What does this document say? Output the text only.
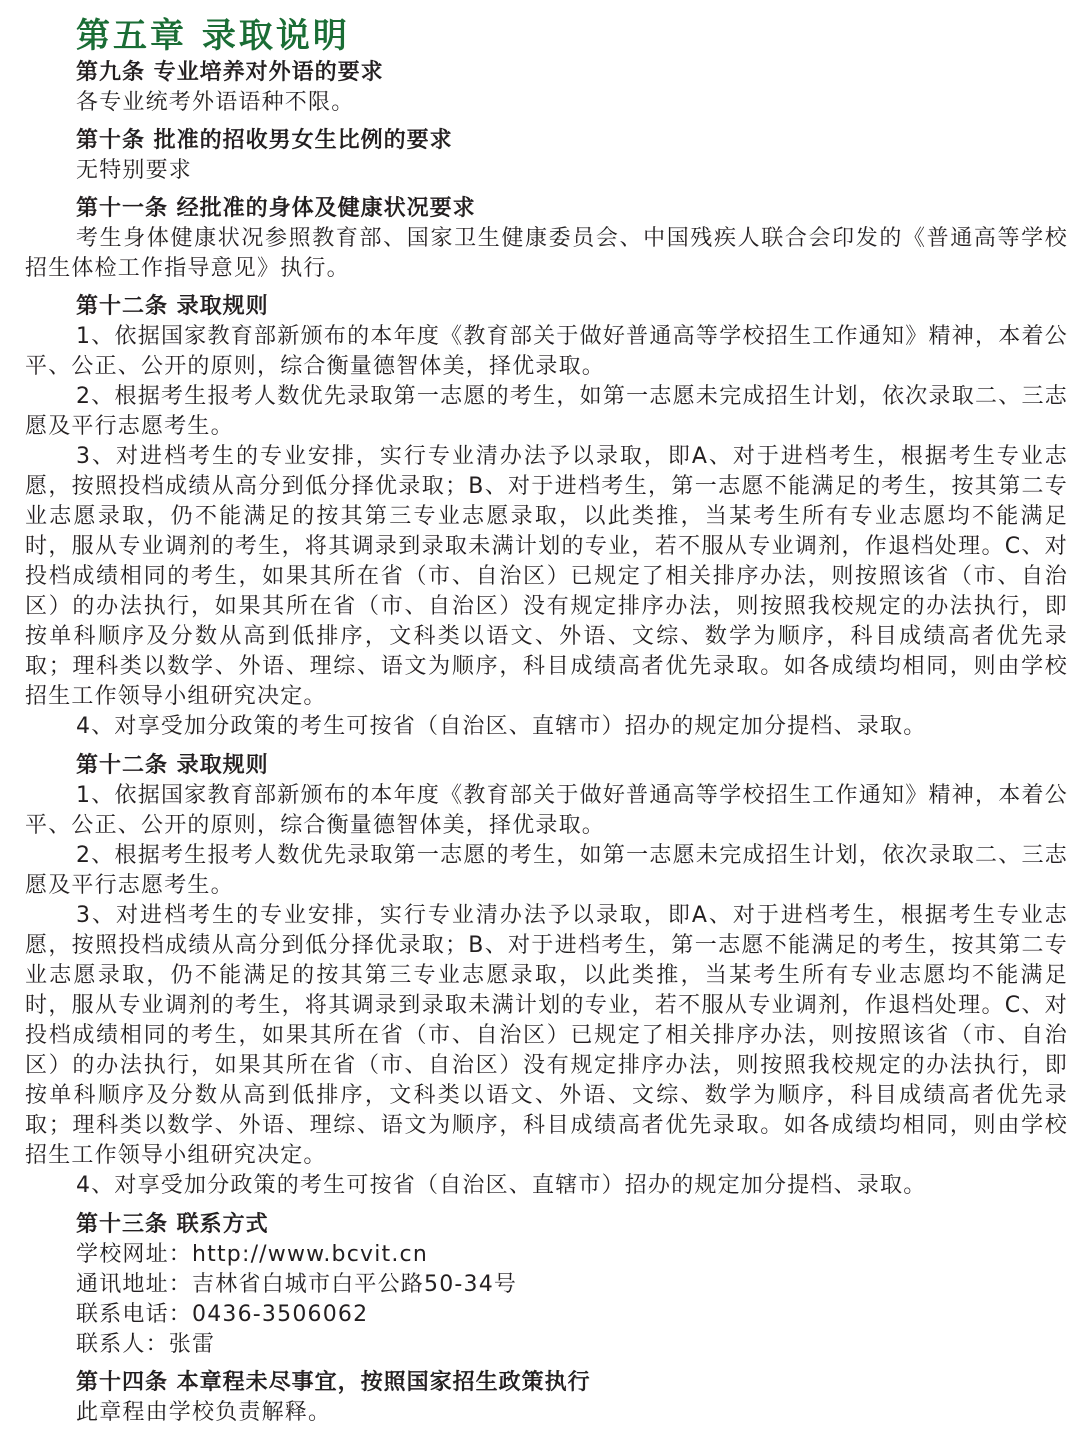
第五章 录取说明
第九条 专业培养对外语的要求
各专业统考外语语种不限。
第十条 批准的招收男女生比例的要求
无特别要求
第十一条 经批准的身体及健康状况要求

考生身体健康状况参照教育部、国家卫生健康委员会、中国残疾人联合会印发的《普通高等学校招生体检工作指导意见》执行。

第十二条 录取规则

1、依据国家教育部新颁布的本年度《教育部关于做好普通高等学校招生工作通知》精神，本着公平、公正、公开的原则，综合衡量德智体美，择优录取。

2、根据考生报考人数优先录取第一志愿的考生，如第一志愿未完成招生计划，依次录取二、三志愿及平行志愿考生。

3、对进档考生的专业安排，实行专业清办法予以录取，即A、对于进档考生，根据考生专业志愿，按照投档成绩从高分到低分择优录取；B、对于进档考生，第一志愿不能满足的考生，按其第二专业志愿录取，仍不能满足的按其第三专业志愿录取，以此类推，当某考生所有专业志愿均不能满足时，服从专业调剂的考生，将其调录到录取未满计划的专业，若不服从专业调剂，作退档处理。C、对投档成绩相同的考生，如果其所在省（市、自治区）已规定了相关排序办法，则按照该省（市、自治区）的办法执行，如果其所在省（市、自治区）没有规定排序办法，则按照我校规定的办法执行，即按单科顺序及分数从高到低排序，文科类以语文、外语、文综、数学为顺序，科目成绩高者优先录取；理科类以数学、外语、理综、语文为顺序，科目成绩高者优先录取。如各成绩均相同，则由学校招生工作领导小组研究决定。

4、对享受加分政策的考生可按省（自治区、直辖市）招办的规定加分提档、录取。

第十二条 录取规则

1、依据国家教育部新颁布的本年度《教育部关于做好普通高等学校招生工作通知》精神，本着公平、公正、公开的原则，综合衡量德智体美，择优录取。

2、根据考生报考人数优先录取第一志愿的考生，如第一志愿未完成招生计划，依次录取二、三志愿及平行志愿考生。

3、对进档考生的专业安排，实行专业清办法予以录取，即A、对于进档考生，根据考生专业志愿，按照投档成绩从高分到低分择优录取；B、对于进档考生，第一志愿不能满足的考生，按其第二专业志愿录取，仍不能满足的按其第三专业志愿录取，以此类推，当某考生所有专业志愿均不能满足时，服从专业调剂的考生，将其调录到录取未满计划的专业，若不服从专业调剂，作退档处理。C、对投档成绩相同的考生，如果其所在省（市、自治区）已规定了相关排序办法，则按照该省（市、自治区）的办法执行，如果其所在省（市、自治区）没有规定排序办法，则按照我校规定的办法执行，即按单科顺序及分数从高到低排序，文科类以语文、外语、文综、数学为顺序，科目成绩高者优先录取；理科类以数学、外语、理综、语文为顺序，科目成绩高者优先录取。如各成绩均相同，则由学校招生工作领导小组研究决定。

4、对享受加分政策的考生可按省（自治区、直辖市）招办的规定加分提档、录取。

第十三条 联系方式
学校网址：http://www.bcvit.cn
通讯地址：吉林省白城市白平公路50-34号
联系电话：0436-3506062
联系人：张雷
第十四条 本章程未尽事宜，按照国家招生政策执行
此章程由学校负责解释。
